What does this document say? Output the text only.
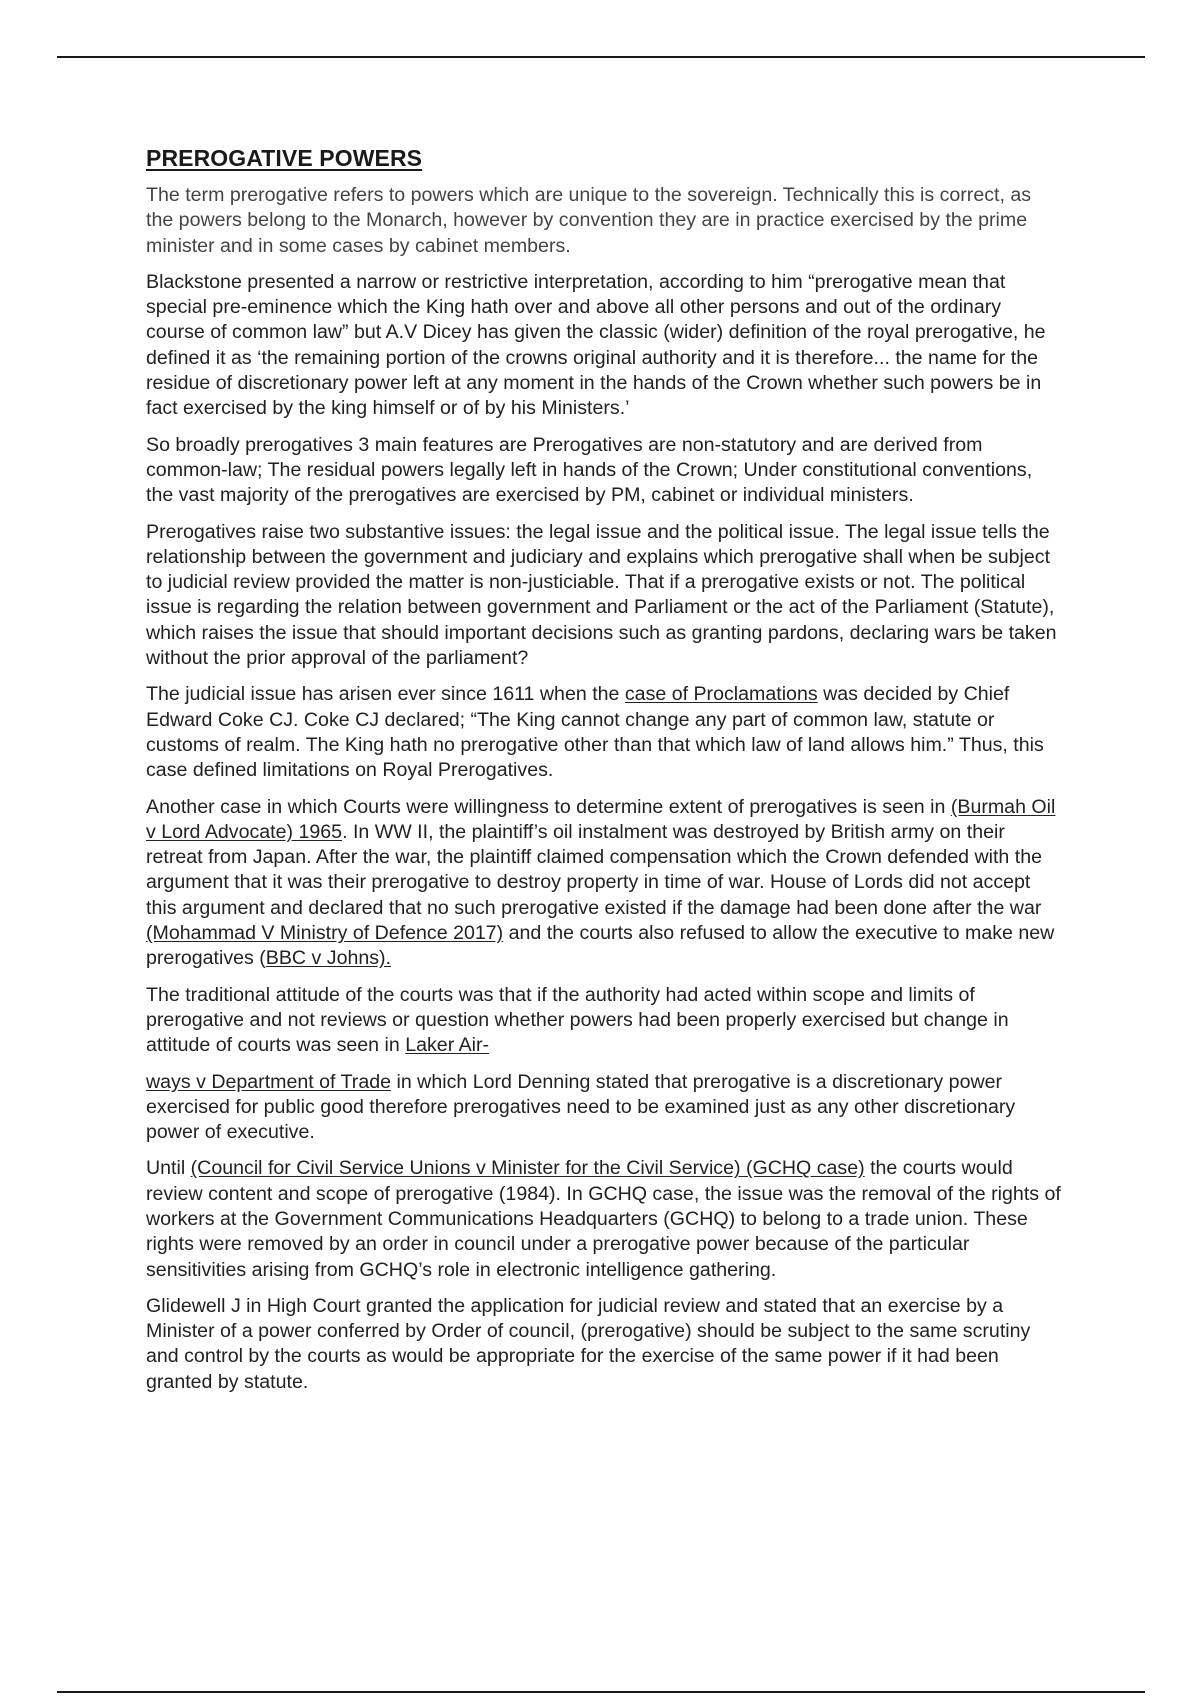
PREROGATIVE POWERS

The term prerogative refers to powers which are unique to the sovereign. Technically this is correct, as the powers belong to the Monarch, however by convention they are in practice exercised by the prime minister and in some cases by cabinet members.

Blackstone presented a narrow or restrictive interpretation, according to him “prerogative mean that special pre-eminence which the King hath over and above all other persons and out of the ordinary course of common law” but A.V Dicey has given the classic (wider) definition of the royal prerogative, he defined it as ‘the remaining portion of the crowns original authority and it is therefore... the name for the residue of discretionary power left at any moment in the hands of the Crown whether such powers be in fact exercised by the king himself or of by his Ministers.’

So broadly prerogatives 3 main features are Prerogatives are non-statutory and are derived from common-law; The residual powers legally left in hands of the Crown; Under constitutional conventions, the vast majority of the prerogatives are exercised by PM, cabinet or individual ministers.

Prerogatives raise two substantive issues: the legal issue and the political issue. The legal issue tells the relationship between the government and judiciary and explains which prerogative shall when be subject to judicial review provided the matter is non-justiciable. That if a prerogative exists or not. The political issue is regarding the relation between government and Parliament or the act of the Parliament (Statute), which raises the issue that should important decisions such as granting pardons, declaring wars be taken without the prior approval of the parliament?

The judicial issue has arisen ever since 1611 when the case of Proclamations was decided by Chief Edward Coke CJ. Coke CJ declared; “The King cannot change any part of common law, statute or customs of realm. The King hath no prerogative other than that which law of land allows him.” Thus, this case defined limitations on Royal Prerogatives.

Another case in which Courts were willingness to determine extent of prerogatives is seen in (Burmah Oil v Lord Advocate) 1965. In WW II, the plaintiff’s oil instalment was destroyed by British army on their retreat from Japan. After the war, the plaintiff claimed compensation which the Crown defended with the argument that it was their prerogative to destroy property in time of war. House of Lords did not accept this argument and declared that no such prerogative existed if the damage had been done after the war (Mohammad V Ministry of Defence 2017) and the courts also refused to allow the executive to make new prerogatives (BBC v Johns).

The traditional attitude of the courts was that if the authority had acted within scope and limits of prerogative and not reviews or question whether powers had been properly exercised but change in attitude of courts was seen in Laker Air-

ways v Department of Trade in which Lord Denning stated that prerogative is a discretionary power exercised for public good therefore prerogatives need to be examined just as any other discretionary power of executive.

Until (Council for Civil Service Unions v Minister for the Civil Service) (GCHQ case) the courts would review content and scope of prerogative (1984). In GCHQ case, the issue was the removal of the rights of workers at the Government Communications Headquarters (GCHQ) to belong to a trade union. These rights were removed by an order in council under a prerogative power because of the particular sensitivities arising from GCHQ’s role in electronic intelligence gathering.

Glidewell J in High Court granted the application for judicial review and stated that an exercise by a Minister of a power conferred by Order of council, (prerogative) should be subject to the same scrutiny and control by the courts as would be appropriate for the exercise of the same power if it had been granted by statute.
